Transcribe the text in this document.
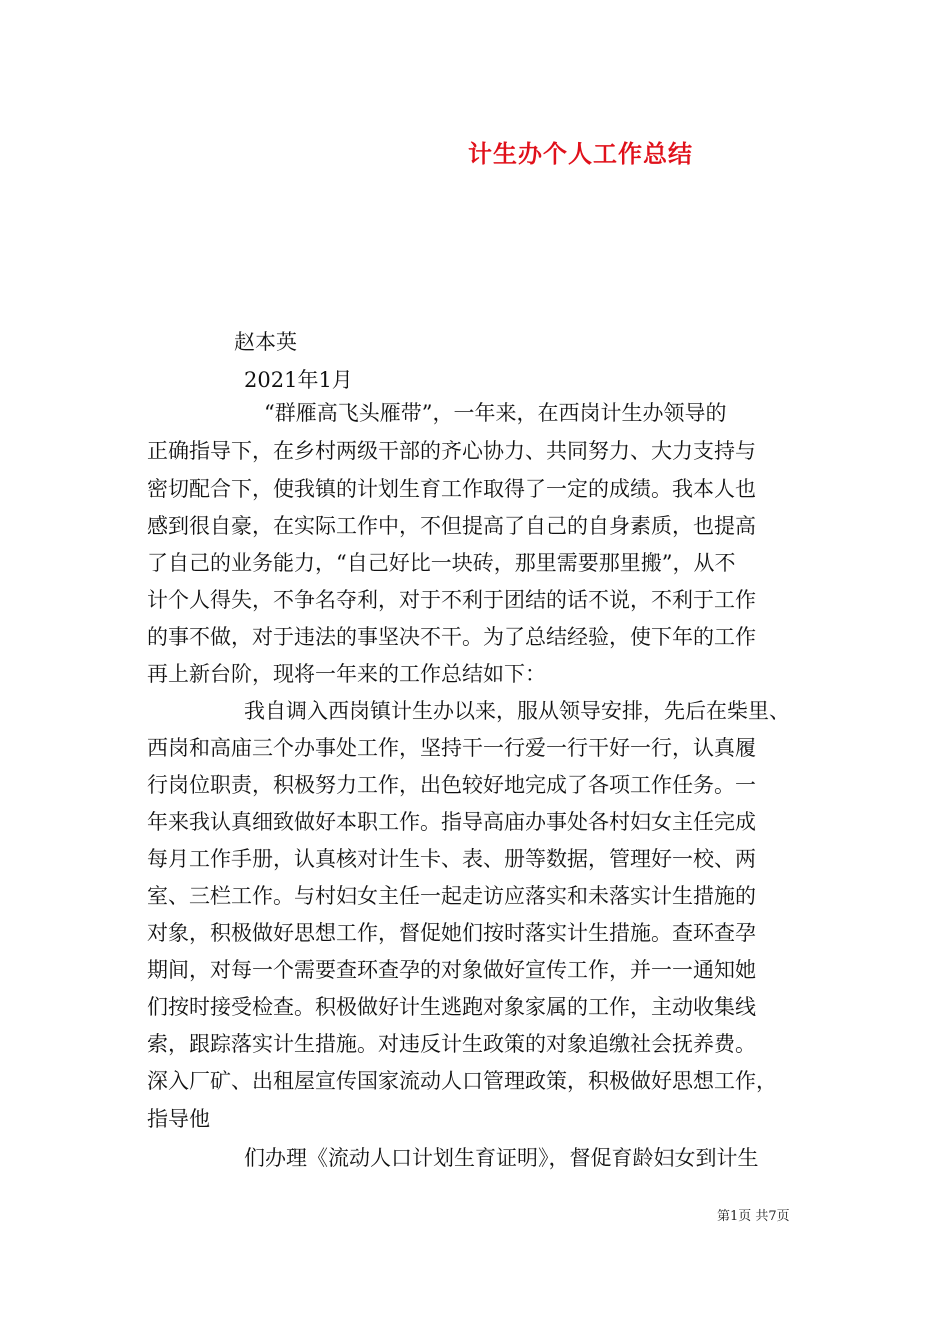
计生办个人工作总结
赵本英
2021年1月
“群雁高飞头雁带”，一年来，在西岗计生办领导的
正确指导下，在乡村两级干部的齐心协力、共同努力、大力支持与
密切配合下，使我镇的计划生育工作取得了一定的成绩。我本人也
感到很自豪，在实际工作中，不但提高了自己的自身素质，也提高
了自己的业务能力，“自己好比一块砖，那里需要那里搬”，从不
计个人得失，不争名夺利，对于不利于团结的话不说，不利于工作
的事不做，对于违法的事坚决不干。为了总结经验，使下年的工作
再上新台阶，现将一年来的工作总结如下：
我自调入西岗镇计生办以来，服从领导安排，先后在柴里、
西岗和高庙三个办事处工作，坚持干一行爱一行干好一行，认真履
行岗位职责，积极努力工作，出色较好地完成了各项工作任务。一
年来我认真细致做好本职工作。指导高庙办事处各村妇女主任完成
每月工作手册，认真核对计生卡、表、册等数据，管理好一校、两
室、三栏工作。与村妇女主任一起走访应落实和未落实计生措施的
对象，积极做好思想工作，督促她们按时落实计生措施。查环查孕
期间，对每一个需要查环查孕的对象做好宣传工作，并一一通知她
们按时接受检查。积极做好计生逃跑对象家属的工作，主动收集线
索，跟踪落实计生措施。对违反计生政策的对象追缴社会抚养费。
深入厂矿、出租屋宣传国家流动人口管理政策，积极做好思想工作，
指导他
们办理《流动人口计划生育证明》，督促育龄妇女到计生
第1页 共7页
